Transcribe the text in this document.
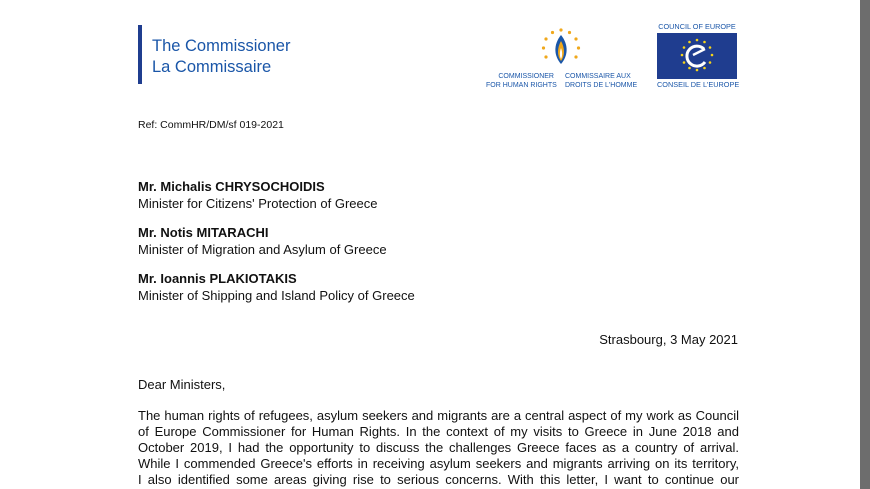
The Commissioner
La Commissaire
COMMISSIONER
FOR HUMAN RIGHTS
COMMISSAIRE AUX
DROITS DE L'HOMME
COUNCIL OF EUROPE
CONSEIL DE L'EUROPE
Ref: CommHR/DM/sf 019-2021
Mr. Michalis CHRYSOCHOIDIS
Minister for Citizens' Protection of Greece
Mr. Notis MITARACHI
Minister of Migration and Asylum of Greece
Mr. Ioannis PLAKIOTAKIS
Minister of Shipping and Island Policy of Greece
Strasbourg, 3 May 2021
Dear Ministers,
The human rights of refugees, asylum seekers and migrants are a central aspect of my work as Council
of Europe Commissioner for Human Rights. In the context of my visits to Greece in June 2018 and
October 2019, I had the opportunity to discuss the challenges Greece faces as a country of arrival.
While I commended Greece's efforts in receiving asylum seekers and migrants arriving on its territory,
I also identified some areas giving rise to serious concerns. With this letter, I want to continue our
